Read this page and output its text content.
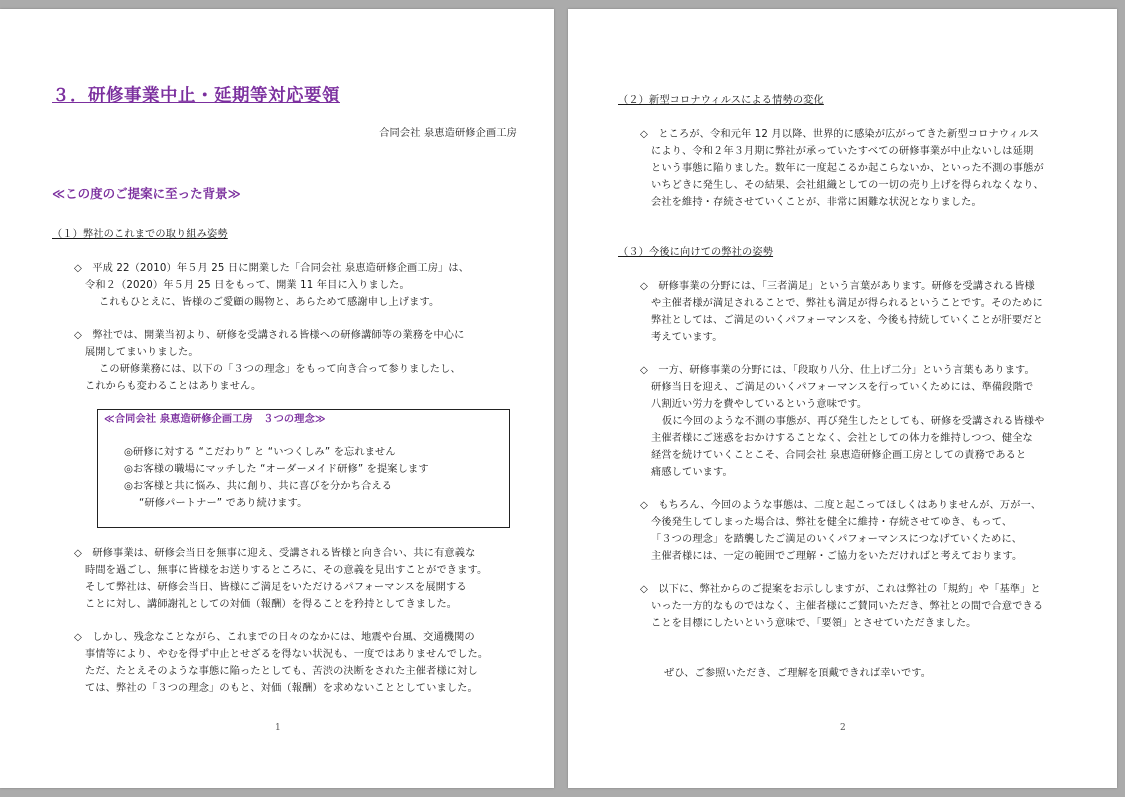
３．研修事業中止・延期等対応要領
合同会社 泉恵造研修企画工房
≪この度のご提案に至った背景≫
（１）弊社のこれまでの取り組み姿勢
◇　平成 22（2010）年５月 25 日に開業した「合同会社 泉恵造研修企画工房」は、
令和２（2020）年５月 25 日をもって、開業 11 年目に入りました。
これもひとえに、皆様のご愛顧の賜物と、あらためて感謝申し上げます。
◇　弊社では、開業当初より、研修を受講される皆様への研修講師等の業務を中心に
展開してまいりました。
この研修業務には、以下の「３つの理念」をもって向き合って参りましたし、
これからも変わることはありません。
≪合同会社 泉恵造研修企画工房　３つの理念≫
◎研修に対する “こだわり” と “いつくしみ” を忘れません
◎お客様の職場にマッチした “オーダーメイド研修” を提案します
◎お客様と共に悩み、共に創り、共に喜びを分かち合える
“研修パートナー” であり続けます。
◇　研修事業は、研修会当日を無事に迎え、受講される皆様と向き合い、共に有意義な
時間を過ごし、無事に皆様をお送りするところに、その意義を見出すことができます。
そして弊社は、研修会当日、皆様にご満足をいただけるパフォーマンスを展開する
ことに対し、講師謝礼としての対価（報酬）を得ることを矜持としてきました。
◇　しかし、残念なことながら、これまでの日々のなかには、地震や台風、交通機関の
事情等により、やむを得ず中止とせざるを得ない状況も、一度ではありませんでした。
ただ、たとえそのような事態に陥ったとしても、苦渋の決断をされた主催者様に対し
ては、弊社の「３つの理念」のもと、対価（報酬）を求めないこととしていました。
1
（２）新型コロナウィルスによる情勢の変化
◇　ところが、令和元年 12 月以降、世界的に感染が広がってきた新型コロナウィルス
により、令和２年３月期に弊社が承っていたすべての研修事業が中止ないしは延期
という事態に陥りました。数年に一度起こるか起こらないか、といった不測の事態が
いちどきに発生し、その結果、会社組織としての一切の売り上げを得られなくなり、
会社を維持・存続させていくことが、非常に困難な状況となりました。
（３）今後に向けての弊社の姿勢
◇　研修事業の分野には、「三者満足」という言葉があります。研修を受講される皆様
や主催者様が満足されることで、弊社も満足が得られるということです。そのために
弊社としては、ご満足のいくパフォーマンスを、今後も持続していくことが肝要だと
考えています。
◇　一方、研修事業の分野には、「段取り八分、仕上げ二分」という言葉もあります。
研修当日を迎え、ご満足のいくパフォーマンスを行っていくためには、準備段階で
八割近い労力を費やしているという意味です。
仮に今回のような不測の事態が、再び発生したとしても、研修を受講される皆様や
主催者様にご迷惑をおかけすることなく、会社としての体力を維持しつつ、健全な
経営を続けていくことこそ、合同会社 泉恵造研修企画工房としての責務であると
痛感しています。
◇　もちろん、今回のような事態は、二度と起こってほしくはありませんが、万が一、
今後発生してしまった場合は、弊社を健全に維持・存続させてゆき、もって、
「３つの理念」を踏襲したご満足のいくパフォーマンスにつなげていくために、
主催者様には、一定の範囲でご理解・ご協力をいただければと考えております。
◇　以下に、弊社からのご提案をお示ししますが、これは弊社の「規約」や「基準」と
いった一方的なものではなく、主催者様にご賛同いただき、弊社との間で合意できる
ことを目標にしたいという意味で、「要領」とさせていただきました。
ぜひ、ご参照いただき、ご理解を頂戴できれば幸いです。
2
